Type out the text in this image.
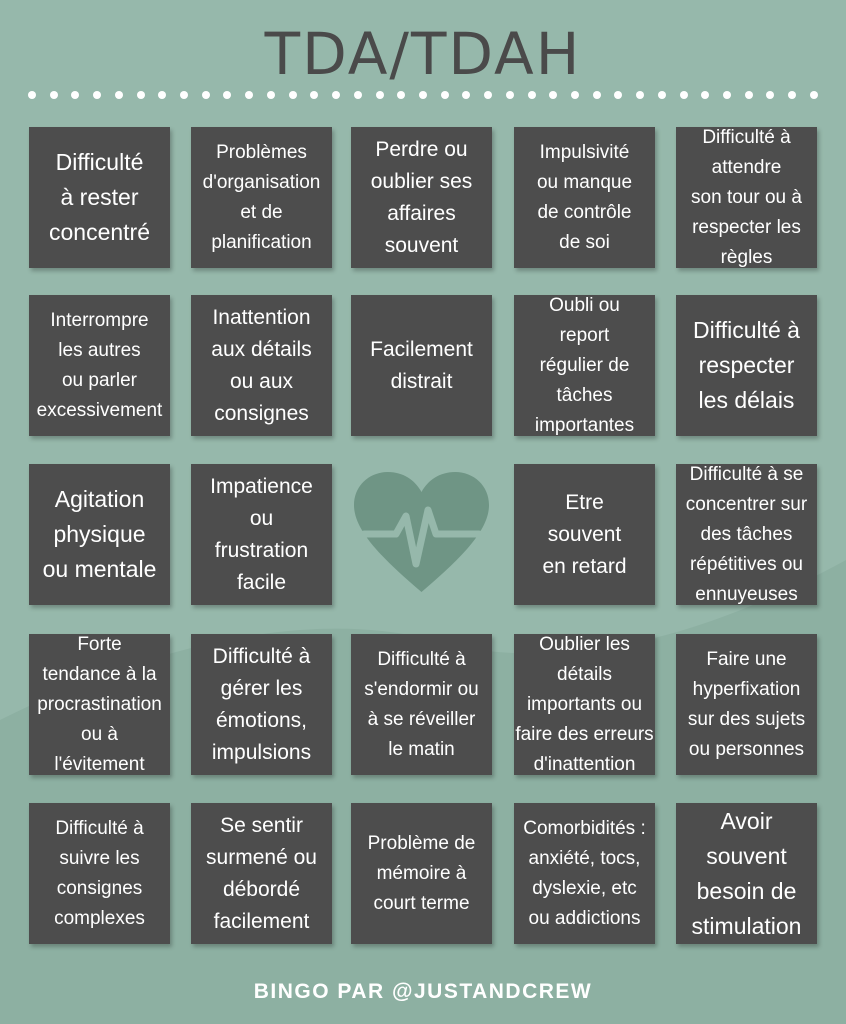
TDA/TDAH
Difficulté
à rester
concentré
Problèmes
d'organisation
et de
planification
Perdre ou
oublier ses
affaires
souvent
Impulsivité
ou manque
de contrôle
de soi
Difficulté à
attendre
son tour ou à
respecter les
règles
Interrompre
les autres
ou parler
excessivement
Inattention
aux détails
ou aux
consignes
Facilement
distrait
Oubli ou
report
régulier de
tâches
importantes
Difficulté à
respecter
les délais
Agitation
physique
ou mentale
Impatience
ou
frustration
facile
Etre
souvent
en retard
Difficulté à se
concentrer sur
des tâches
répétitives ou
ennuyeuses
Forte
tendance à la
procrastination
ou à
l'évitement
Difficulté à
gérer les
émotions,
impulsions
Difficulté à
s'endormir ou
à se réveiller
le matin
Oublier les
détails
importants ou
faire des erreurs
d'inattention
Faire une
hyperfixation
sur des sujets
ou personnes
Difficulté à
suivre les
consignes
complexes
Se sentir
surmené ou
débordé
facilement
Problème de
mémoire à
court terme
Comorbidités :
anxiété, tocs,
dyslexie, etc
ou addictions
Avoir
souvent
besoin de
stimulation
BINGO PAR @JUSTANDCREW
